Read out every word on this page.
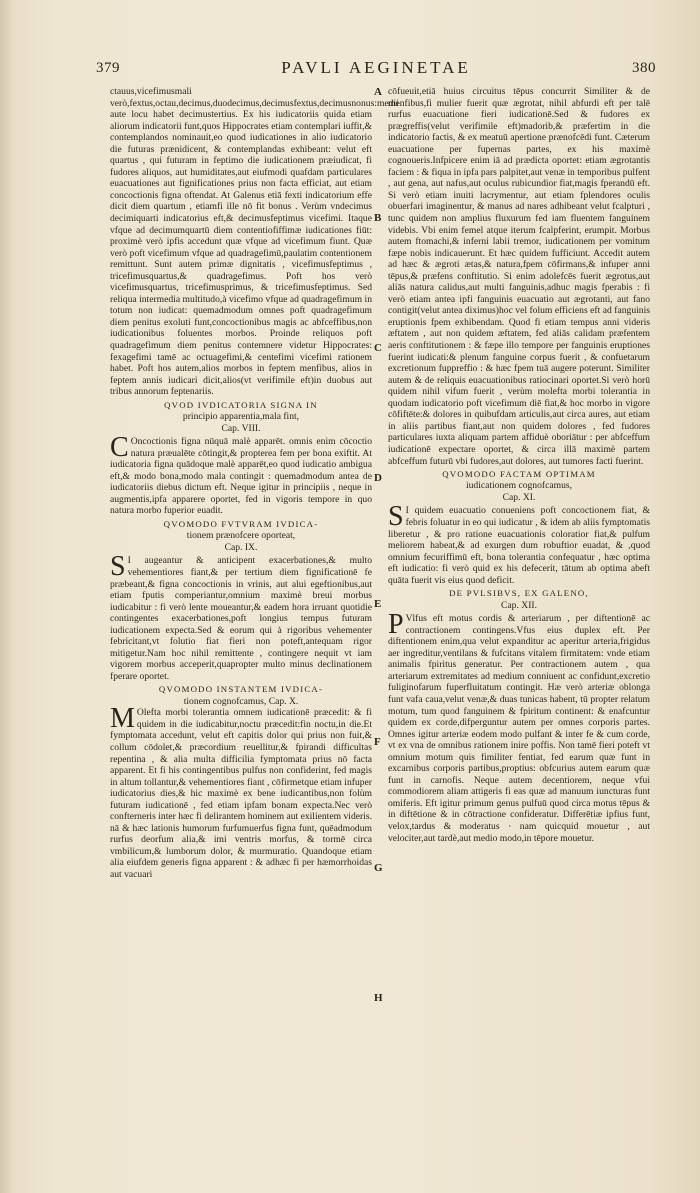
379	PAVLI AEGINETAE	380

ctauus,vicefimusmali verò,fextus,octau,decimus,duodecimus,decimusfextus,decimusnonus:medii aute locu habet decimustertius. Ex his iudicatoriis quida etiam aliorum indicatorii funt,quos Hippocrates etiam contemplari iuffit,& contemplandos nominauit,eo quod iudicationes in alio iudicatorio die futuras prænidicent, & contemplandas exhibeant: velut eft quartus , qui futuram in feptimo die iudicationem præiudicat, fi fudores aliquos, aut humiditates,aut eiufmodi quafdam particulares euacuationes aut fignificationes prius non facta efficiat, aut etiam concoctionis figna oftendat. At Galenus etiā fexti indicatorium effe dicit diem quartum , etiamfi ille nō fit bonus . Verùm vndecimus decimiquarti indicatorius eft,& decimusfeptimus vicefimi. Itaque vfque ad decimumquartū diem contentiofiffimæ iudicationes fiūt: proximè verò ipfis accedunt quæ vfque ad vicefimum fiunt. Quæ verò poft vicefimum vfque ad quadragefimū,paulatim contentionem remittunt. Sunt autem primæ dignitatis , vicefimusfeptimus , tricefimusquartus,& quadragefimus. Poft hos verò vicefimusquartus, tricefimusprimus, & tricefimusfeptimus. Sed reliqua intermedia multitudo,à vicefimo vfque ad quadragefimum in totum non iudicat: quemadmodum omnes poft quadragefimum diem penitus exoluti funt,concoctionibus magis ac abfceffibus,non iudicationibus foluentes morbos. Proinde reliquos poft quadragefimum diem penitus contemnere videtur Hippocrates: fexagefimi tamē ac octuagefimi,& centefimi vicefimi rationem habet. Poft hos autem,alios morbos in feptem menfibus, alios in feptem annis iudicari dicit,alios(vt verifimile eft)in duobus aut tribus annorum feptenariis.

QVOD IVDICATORIA SIGNA IN
principio apparentia,mala fint,
Cap. VIII.

C Oncoctionis figna nūquā malè apparēt. omnis enim cōcoctio natura præualēte cōtingit,& propterea fem per bona exiftit. At iudicatoria figna quādoque malè apparēt,eo quod iudicatio ambigua eft,& modo bona,modo mala contingit : quemadmodum antea de iudicatoriis diebus dictum eft. Neque igitur in principiis , neque in augmentis,ipfa apparere oportet, fed in vigoris tempore in quo natura morbo fuperior euadit.

QVOMODO FVTVRAM IVDICA-
tionem prænofcere oporteat,
Cap. IX.

S I augeantur & anticipent exacerbationes,& multo vehementiores fiant,& per tertium diem fignificationē fe præbeant,& figna concoctionis in vrinis, aut alui egeftionibus,aut etiam fputis comperiantur,omnium maximè breui morbus iudicabitur : fi verò lente moueantur,& eadem hora irruant quotidie contingentes exacerbationes,poft longius tempus futuram iudicationem expecta.Sed & eorum qui à rigoribus vehementer febricitant,vt folutio fiat fieri non poteft,antequam rigor mitigetur.Nam hoc nihil remittente , contingere nequit vt iam vigorem morbus acceperit,quapropter multo minus declinationem fperare oportet.

QVOMODO INSTANTEM IVDICA-
tionem cognofcamus, Cap. X.

M Olefta morbi tolerantia omnem iudicationē præcedit: & fi quidem in die iudicabitur,noctu præcedit:fin noctu,in die.Et fymptomata accedunt, velut eft capitis dolor qui prius non fuit,& collum cōdolet,& præcordium reuellitur,& fpirandi difficultas repentina , & alia multa difficilia fymptomata prius nō facta apparent. Et fi his contingentibus pulfus non confiderint, fed magis in altum tollantur,& vehementiores fiant , cōfirmetque etiam infuper iudicatorius dies,& hic maximè ex bene iudicantibus,non folùm futuram iudicationē , fed etiam ipfam bonam expecta.Nec verò confterneris inter hæc fi delirantem hominem aut exilientem videris. nā & hæc lationis humorum furfumuerfus figna funt, quēadmodum rurfus deorfum alia,& imi ventris morfus, & tormē circa vmbilicum,& lumborum dolor, & murmuratio. Quandoque etiam alia eiufdem generis figna apparent : & adhæc fi per hæmorrhoidas aut vacuari

cōfueuit,etiā huius circuitus tēpus concurrit Similiter & de menfibus,fi mulier fuerit quæ ægrotat, nihil abfurdi eft per talē rurfus euacuatione fieri iudicationē.Sed & fudores ex prægreffis(velut verifimile eft)madorib,& præfertim in die indicatorio factis, & ex meatuū apertione prænofcēdi funt. Cæterum euacuatione per fupernas partes, ex his maximè cognoueris.Infpicere enim iā ad prædicta oportet: etiam ægrotantis faciem : & fiqua in ipfa pars palpitet,aut venæ in temporibus pulfent , aut gena, aut nafus,aut oculus rubicundior fiat,magis fperandū eft. Si verò etiam inuiti lacrymentur, aut etiam fplendores oculis obuerfari imaginentur, & manus ad nares adhibeant velut fcalpturi , tunc quidem non amplius fluxurum fed iam fluentem fanguinem videbis. Vbi enim femel atque iterum fcalpferint, erumpit. Morbus autem ftomachi,& inferni labii tremor, iudicationem per vomitum fæpe nobis indicauerunt. Et hæc quidem fufficiunt. Accedit autem ad hæc & ægroti ætas,& natura,fpem cōfirmans,& infuper anni tēpus,& præfens conftitutio. Si enim adolefcēs fuerit ægrotus,aut aliās natura calidus,aut multi fanguinis,adhuc magis fperabis : fi verò etiam antea ipfi fanguinis euacuatio aut ægrotanti, aut fano contigit(velut antea diximus)hoc vel folum efficiens eft ad fanguinis eruptionis fpem exhibendam. Quod fi etiam tempus anni videris æftatem , aut non quidem æftatem, fed aliās calidam præfentem aeris conftitutionem : & fæpe illo tempore per fanguinis eruptiones fuerint iudicati:& plenum fanguine corpus fuerit , & confuetarum excretionum fuppreffio : & hæc fpem tuā augere poterunt. Similiter autem & de reliquis euacuationibus ratiocinari oportet.Si verò horū quidem nihil vifum fuerit , verùm molefta morbi tolerantia in quodam iudicatorio poft vicefimum diē fiat,& hoc morbo in vigore cōfiftēte:& dolores in quibufdam articulis,aut circa aures, aut etiam in aliis partibus fiant,aut non quidem dolores , fed fudores particulares iuxta aliquam partem affiduè oboriātur : per abfceffum iudicationē expectare oportet, & circa illā maximè partem abfceffum futurū vbi fudores,aut dolores, aut tumores facti fuerint.

QVOMODO FACTAM OPTIMAM
iudicationem cognofcamus,
Cap. XI.

S I quidem euacuatio conueniens poft concoctionem fiat, & febris foluatur in eo qui iudicatur , & idem ab aliis fymptomatis liberetur , & pro ratione euacuationis coloratior fiat,& pulfum meliorem habeat,& ad exurgen dum robuftior euadat, & ,quod omnium fecuriffimū eft, bona tolerantia confequatur , hæc optima eft iudicatio: fi verò quid ex his defecerit, tātum ab optima abeft quāta fuerit vis eius quod deficit.

DE PVLSIBVS, EX GALENO,
Cap. XII.

P Vlfus eft motus cordis & arteriarum , per diftentionē ac contractionem contingens.Vfus eius duplex eft. Per diftentionem enim,qua velut expanditur ac aperitur arteria,frigidus aer ingreditur,ventilans & fufcitans vitalem firmitatem: vnde etiam animalis fpiritus generatur. Per contractionem autem , qua arteriarum extremitates ad medium conniuent ac confidunt,excretio fuliginofarum fuperfluitatum contingit. Hæ verò arteriæ oblonga funt vafa caua,velut venæ,& duas tunicas habent, tū propter relatum motum, tum quod fanguinem & fpiritum continent: & enafcuntur quidem ex corde,difperguntur autem per omnes corporis partes. Omnes igitur arteriæ eodem modo pulfant & inter fe & cum corde, vt ex vna de omnibus rationem inire poffis. Non tamē fieri poteft vt omnium motum quis fimiliter fentiat, fed earum quæ funt in excarnibus corporis partibus,proptius: obfcurius autem earum quæ funt in carnofis. Neque autem decentiorem, neque vfui commodiorem aliam attigeris fi eas quæ ad manuum iuncturas funt omiferis. Eft igitur primum genus pulfuū quod circa motus tēpus & in diftētione & in cōtractione confideratur. Differētiæ ipfius funt, velox,tardus & moderatus · nam quicquid mouetur , aut velociter,aut tardè,aut medio modo,in tēpore mouetur.

A
B
C
D
E
F
G
H
